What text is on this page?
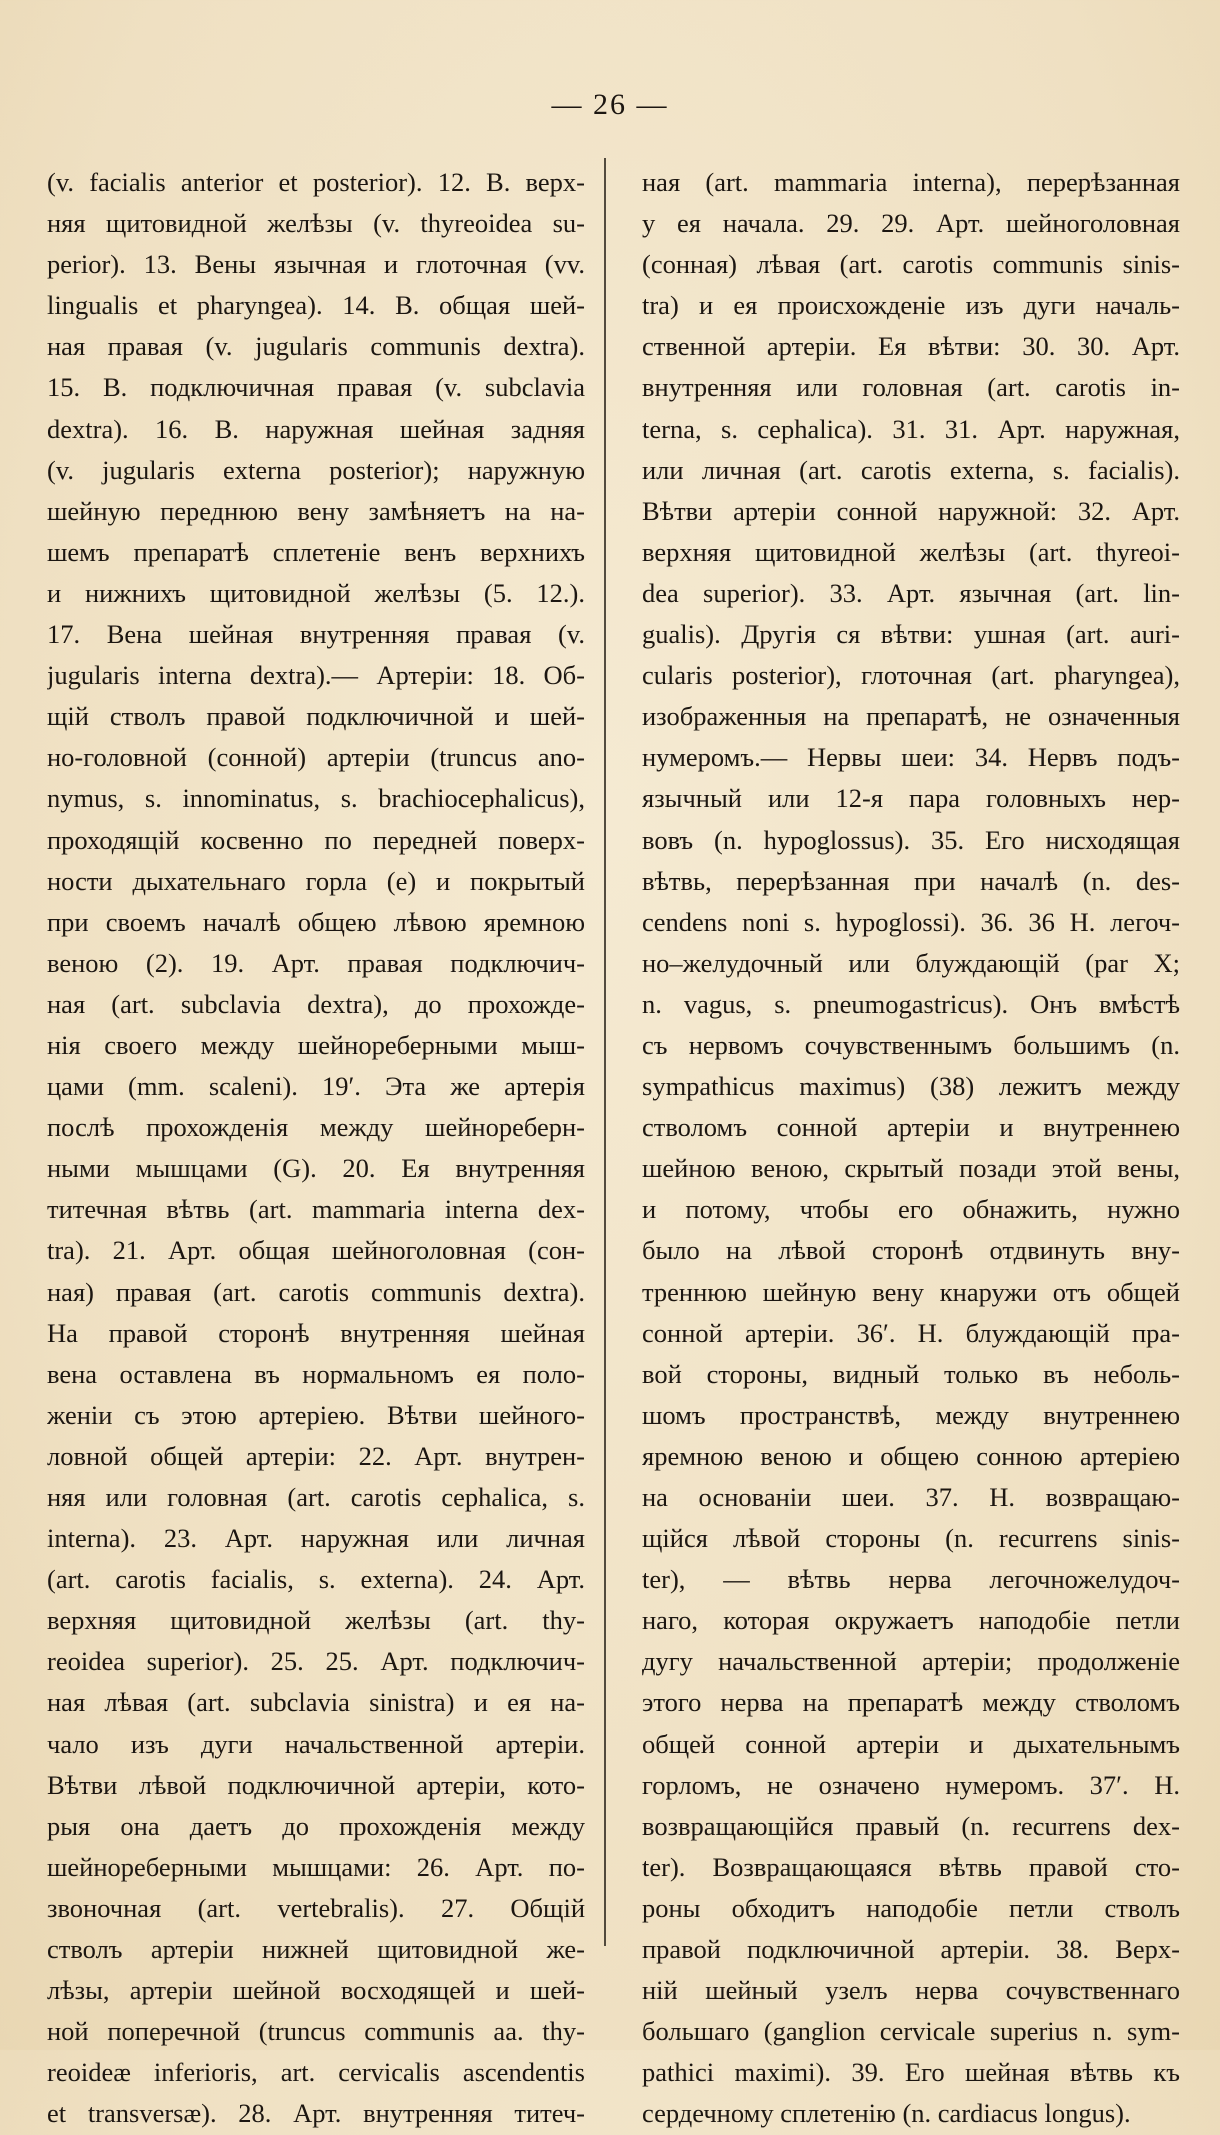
— 26 —
(v. facialis anterior et posterior). 12. В. верх-
няя щитовидной желѣзы (v. thyreoidea su-
perior). 13. Вены язычная и глоточная (vv.
lingualis et pharyngea). 14. В. общая шей-
ная правая (v. jugularis communis dextra).
15. В. подключичная правая (v. subclavia
dextra). 16. В. наружная шейная задняя
(v. jugularis externa posterior); наружную
шейную переднюю вену замѣняетъ на на-
шемъ препаратѣ сплетеніе венъ верхнихъ
и нижнихъ щитовидной желѣзы (5. 12.).
17. Вена шейная внутренняя правая (v.
jugularis interna dextra).— Артеріи: 18. Об-
щій стволъ правой подключичной и шей-
но-головной (сонной) артеріи (truncus ano-
nymus, s. innominatus, s. brachiocephalicus),
проходящій косвенно по передней поверх-
ности дыхательнаго горла (e) и покрытый
при своемъ началѣ общею лѣвою яремною
веною (2). 19. Арт. правая подключич-
ная (art. subclavia dextra), до прохожде-
нія своего между шейнореберными мыш-
цами (mm. scaleni). 19′. Эта же артерія
послѣ прохожденія между шейнореберн-
ными мышцами (G). 20. Ея внутренняя
титечная вѣтвь (art. mammaria interna dex-
tra). 21. Арт. общая шейноголовная (сон-
ная) правая (art. carotis communis dextra).
На правой сторонѣ внутренняя шейная
вена оставлена въ нормальномъ ея поло-
женіи съ этою артеріею. Вѣтви шейного-
ловной общей артеріи: 22. Арт. внутрен-
няя или головная (art. carotis cephalica, s.
interna). 23. Арт. наружная или личная
(art. carotis facialis, s. externa). 24. Арт.
верхняя щитовидной желѣзы (art. thy-
reoidea superior). 25. 25. Арт. подключич-
ная лѣвая (art. subclavia sinistra) и ея на-
чало изъ дуги начальственной артеріи.
Вѣтви лѣвой подключичной артеріи, кото-
рыя она даетъ до прохожденія между
шейнореберными мышцами: 26. Арт. по-
звоночная (art. vertebralis). 27. Общій
стволъ артеріи нижней щитовидной же-
лѣзы, артеріи шейной восходящей и шей-
ной поперечной (truncus communis aa. thy-
reoideæ inferioris, art. cervicalis ascendentis
et transversæ). 28. Арт. внутренняя титеч-
ная (art. mammaria interna), перерѣзанная
у ея начала. 29. 29. Арт. шейноголовная
(сонная) лѣвая (art. carotis communis sinis-
tra) и ея происхожденіе изъ дуги началь-
ственной артеріи. Ея вѣтви: 30. 30. Арт.
внутренняя или головная (art. carotis in-
terna, s. cephalica). 31. 31. Арт. наружная,
или личная (art. carotis externa, s. facialis).
Вѣтви артеріи сонной наружной: 32. Арт.
верхняя щитовидной желѣзы (art. thyreoi-
dea superior). 33. Арт. язычная (art. lin-
gualis). Другія ся вѣтви: ушная (art. auri-
cularis posterior), глоточная (art. pharyngea),
изображенныя на препаратѣ, не означенныя
нумеромъ.— Нервы шеи: 34. Нервъ подъ-
язычный или 12-я пара головныхъ нер-
вовъ (n. hypoglossus). 35. Его нисходящая
вѣтвь, перерѣзанная при началѣ (n. des-
cendens noni s. hypoglossi). 36. 36 Н. легоч-
но–желудочный или блуждающій (par X;
n. vagus, s. pneumogastricus). Онъ вмѣстѣ
съ нервомъ сочувственнымъ большимъ (n.
sympathicus maximus) (38) лежитъ между
стволомъ сонной артеріи и внутреннею
шейною веною, скрытый позади этой вены,
и потому, чтобы его обнажить, нужно
было на лѣвой сторонѣ отдвинуть вну-
треннюю шейную вену кнаружи отъ общей
сонной артеріи. 36′. Н. блуждающій пра-
вой стороны, видный только въ неболь-
шомъ пространствѣ, между внутреннею
яремною веною и общею сонною артеріею
на основаніи шеи. 37. Н. возвращаю-
щійся лѣвой стороны (n. recurrens sinis-
ter), — вѣтвь нерва легочножелудоч-
наго, которая окружаетъ наподобіе петли
дугу начальственной артеріи; продолженіе
этого нерва на препаратѣ между стволомъ
общей сонной артеріи и дыхательнымъ
горломъ, не означено нумеромъ. 37′. Н.
возвращающійся правый (n. recurrens dex-
ter). Возвращающаяся вѣтвь правой сто-
роны обходитъ наподобіе петли стволъ
правой подключичной артеріи. 38. Верх-
ній шейный узелъ нерва сочувственнаго
большаго (ganglion cervicale superius n. sym-
pathici maximi). 39. Его шейная вѣтвь къ
сердечному сплетенію (n. cardiacus longus).
